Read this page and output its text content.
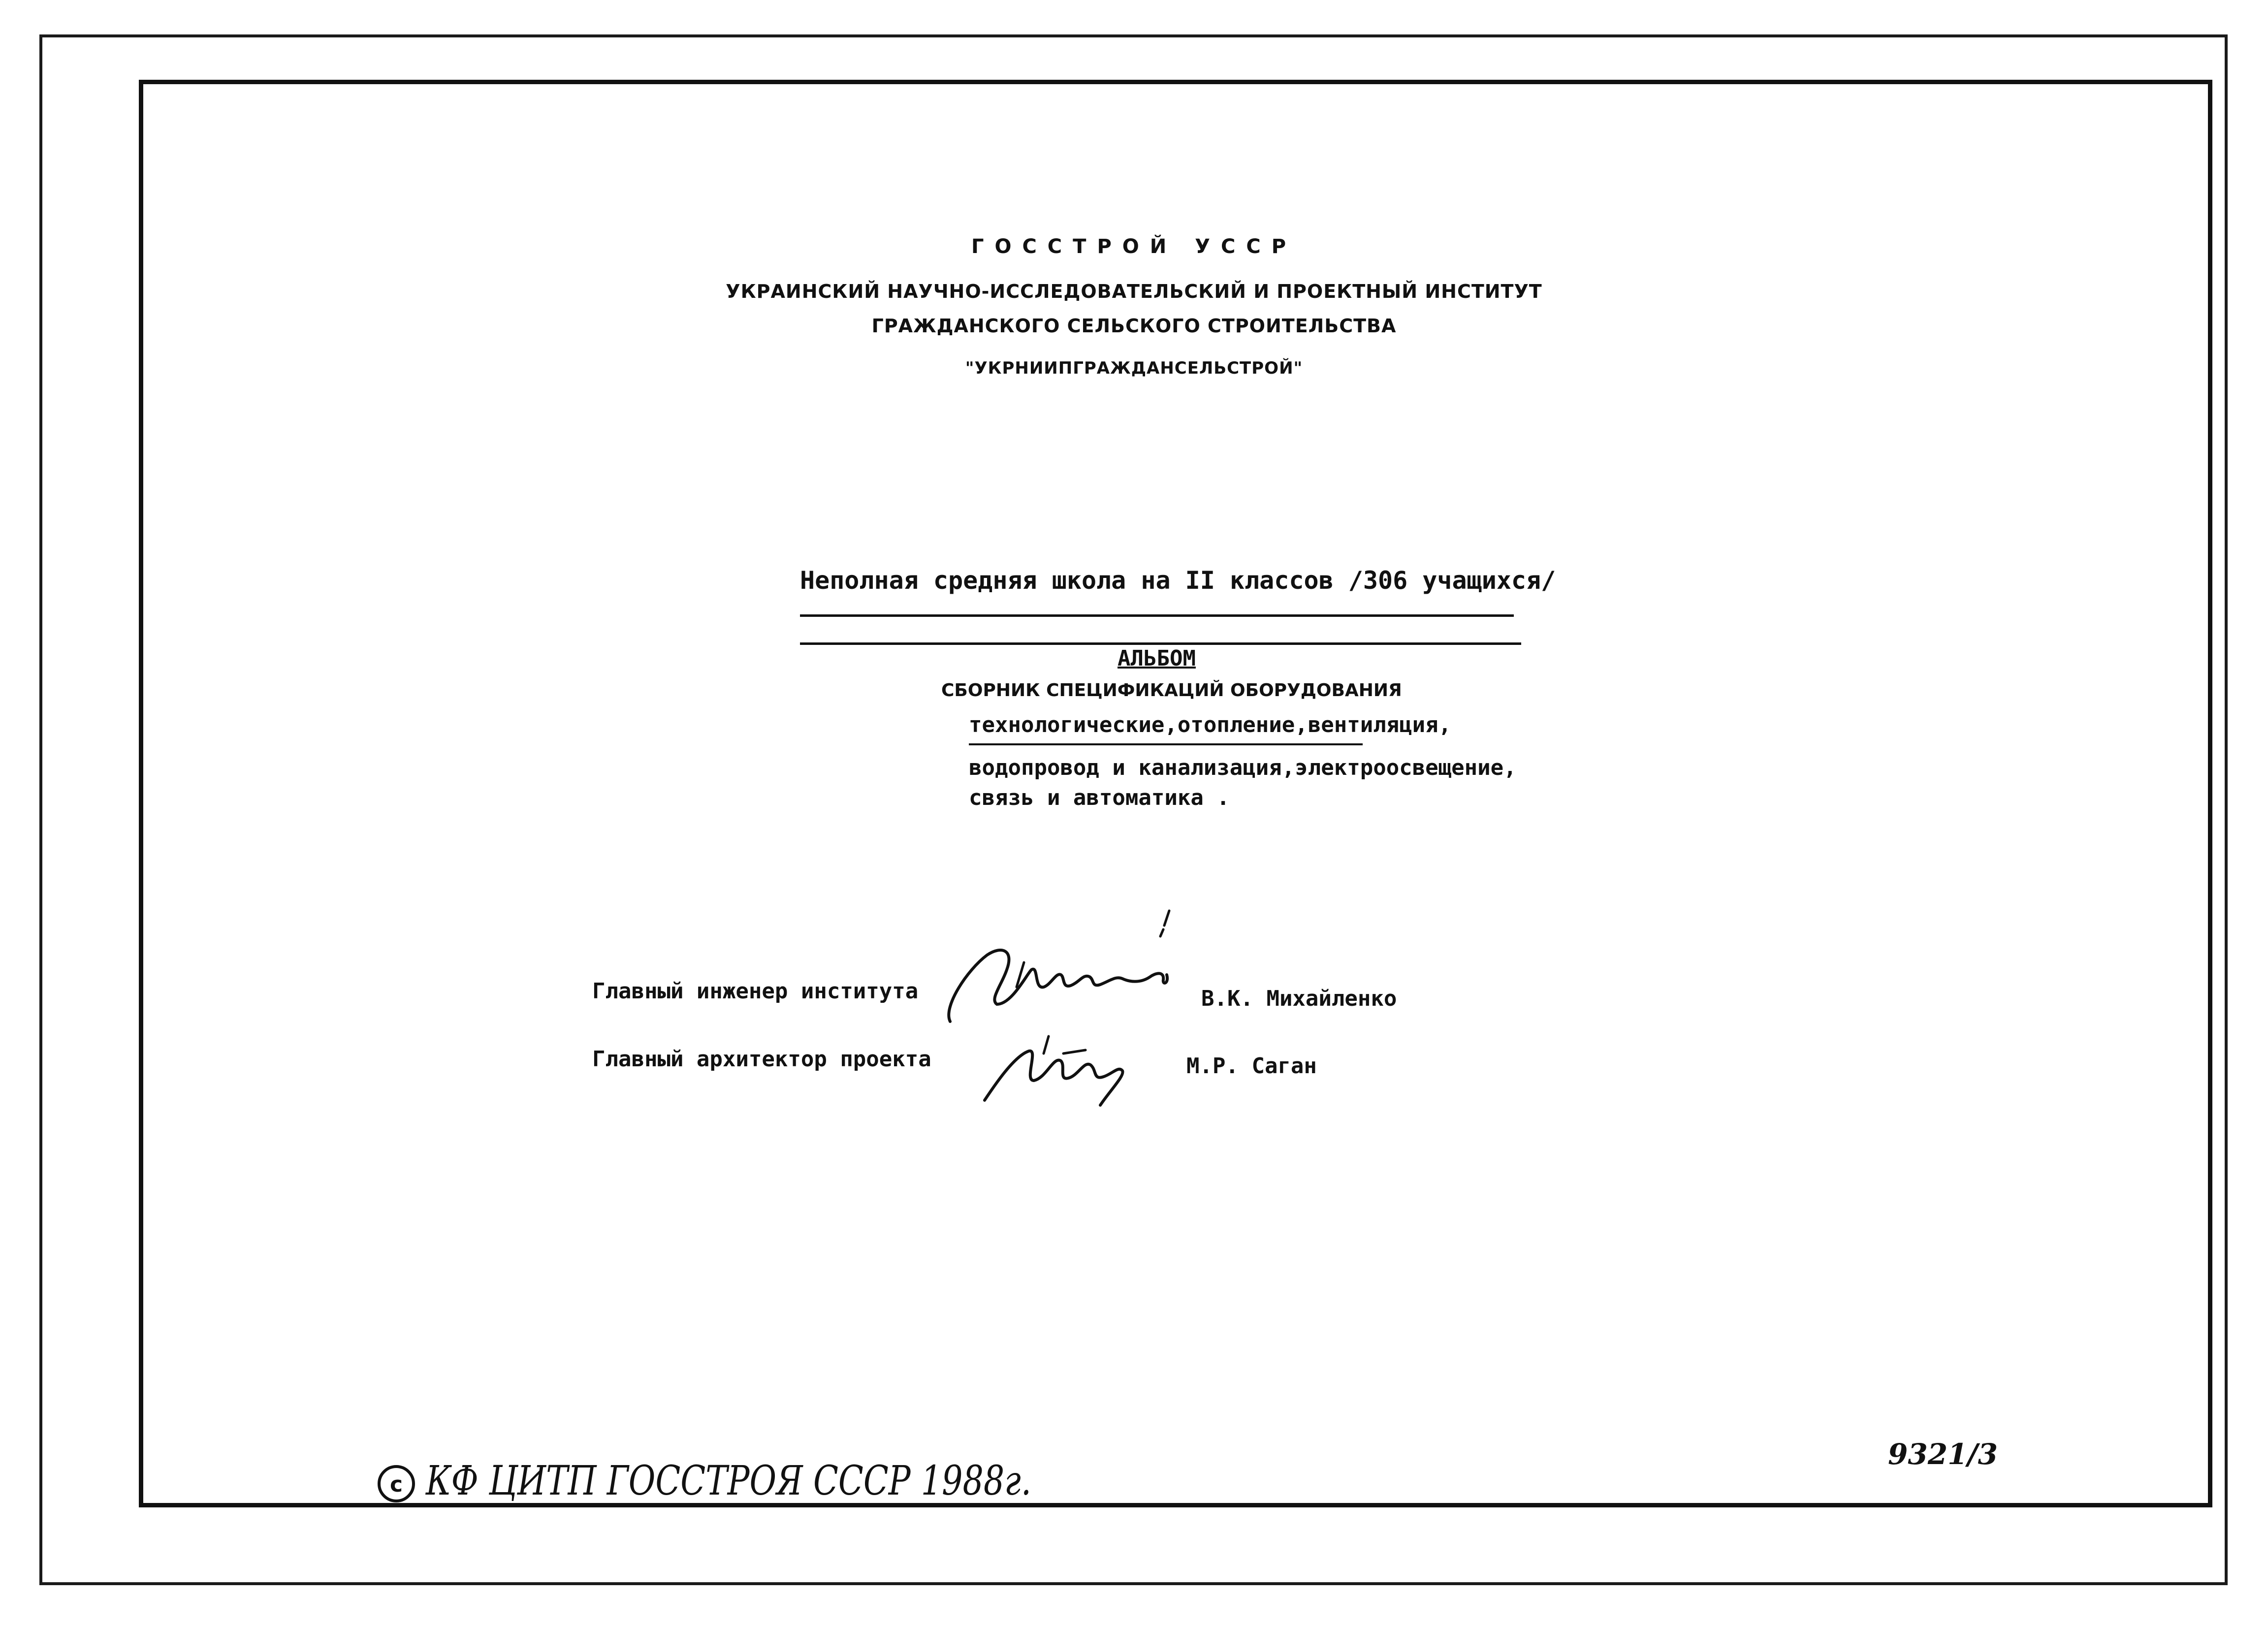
ГОССТРОЙ УССР
УКРАИНСКИЙ НАУЧНО-ИССЛЕДОВАТЕЛЬСКИЙ И ПРОЕКТНЫЙ ИНСТИТУТ
ГРАЖДАНСКОГО СЕЛЬСКОГО СТРОИТЕЛЬСТВА
"УКРНИИПГРАЖДАНСЕЛЬСТРОЙ"
Неполная средняя школа на II классов /306 учащихся/
АЛЬБОМ
СБОРНИК СПЕЦИФИКАЦИЙ ОБОРУДОВАНИЯ
технологические,отопление,вентиляция,
водопровод и канализация,электроосвещение,
связь и автоматика .
Главный инженер института	В.К. Михайленко
Главный архитектор проекта	М.Р. Саган
c КФ ЦИТП ГОССТРОЯ СССР 1988г.
9321/3
